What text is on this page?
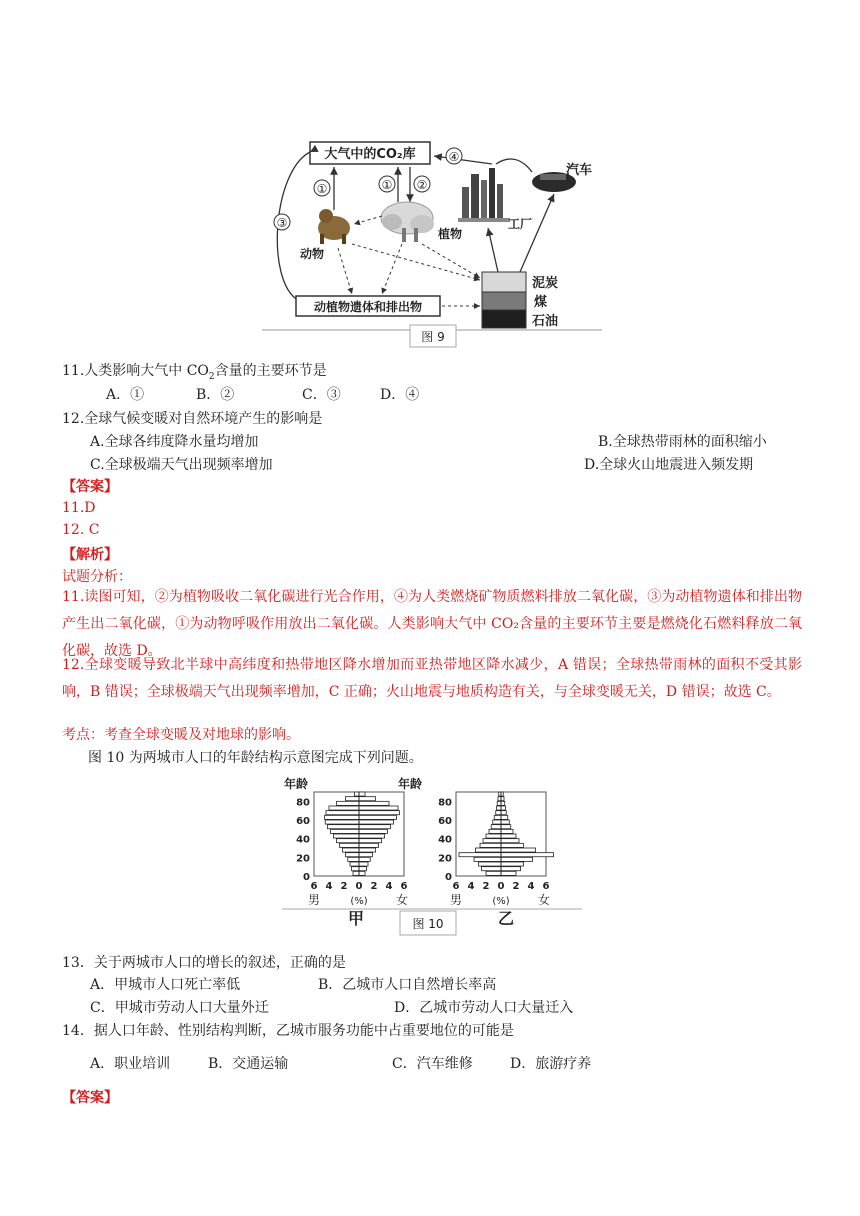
大气中的CO₂库	④
③
①	① ②
动物
植物
工厂
汽车
泥炭
煤
石油
动植物遗体和排出物
图 9
11.人类影响大气中 $CO_2$含量的主要环节是
A．①	B．②	C．③	D．④
12.全球气候变暖对自然环境产生的影响是
A.全球各纬度降水量均增加	B.全球热带雨林的面积缩小
C.全球极端天气出现频率增加	D.全球火山地震进入频发期
【答案】
11.D
12. C
【解析】
试题分析：
11.读图可知，②为植物吸收二氧化碳进行光合作用，④为人类燃烧矿物质燃料排放二氧化碳，③为动植物遗体和排出物产生出二氧化碳，①为动物呼吸作用放出二氧化碳。人类影响大气中 CO₂含量的主要环节主要是燃烧化石燃料释放二氧化碳，故选 D。
12.全球变暖导致北半球中高纬度和热带地区降水增加而亚热带地区降水减少，A 错误；全球热带雨林的面积不受其影响，B 错误；全球极端天气出现频率增加，C 正确；火山地震与地质构造有关，与全球变暖无关，D 错误；故选 C。
考点：考查全球变暖及对地球的影响。
图 10 为两城市人口的年龄结构示意图完成下列问题。
年龄	年龄
80
60
40
20
0
6 4 2 0 2 4 6
男	(%) 女
80
60
40
20
0
6 4 2 0 2 4 6
男	(%) 女
甲	乙
图 10
13．关于两城市人口的增长的叙述，正确的是
A．甲城市人口死亡率低	B．乙城市人口自然增长率高
C．甲城市劳动人口大量外迁	D．乙城市劳动人口大量迁入
14．据人口年龄、性别结构判断，乙城市服务功能中占重要地位的可能是
A．职业培训	B．交通运输	C．汽车维修	D．旅游疗养
【答案】
